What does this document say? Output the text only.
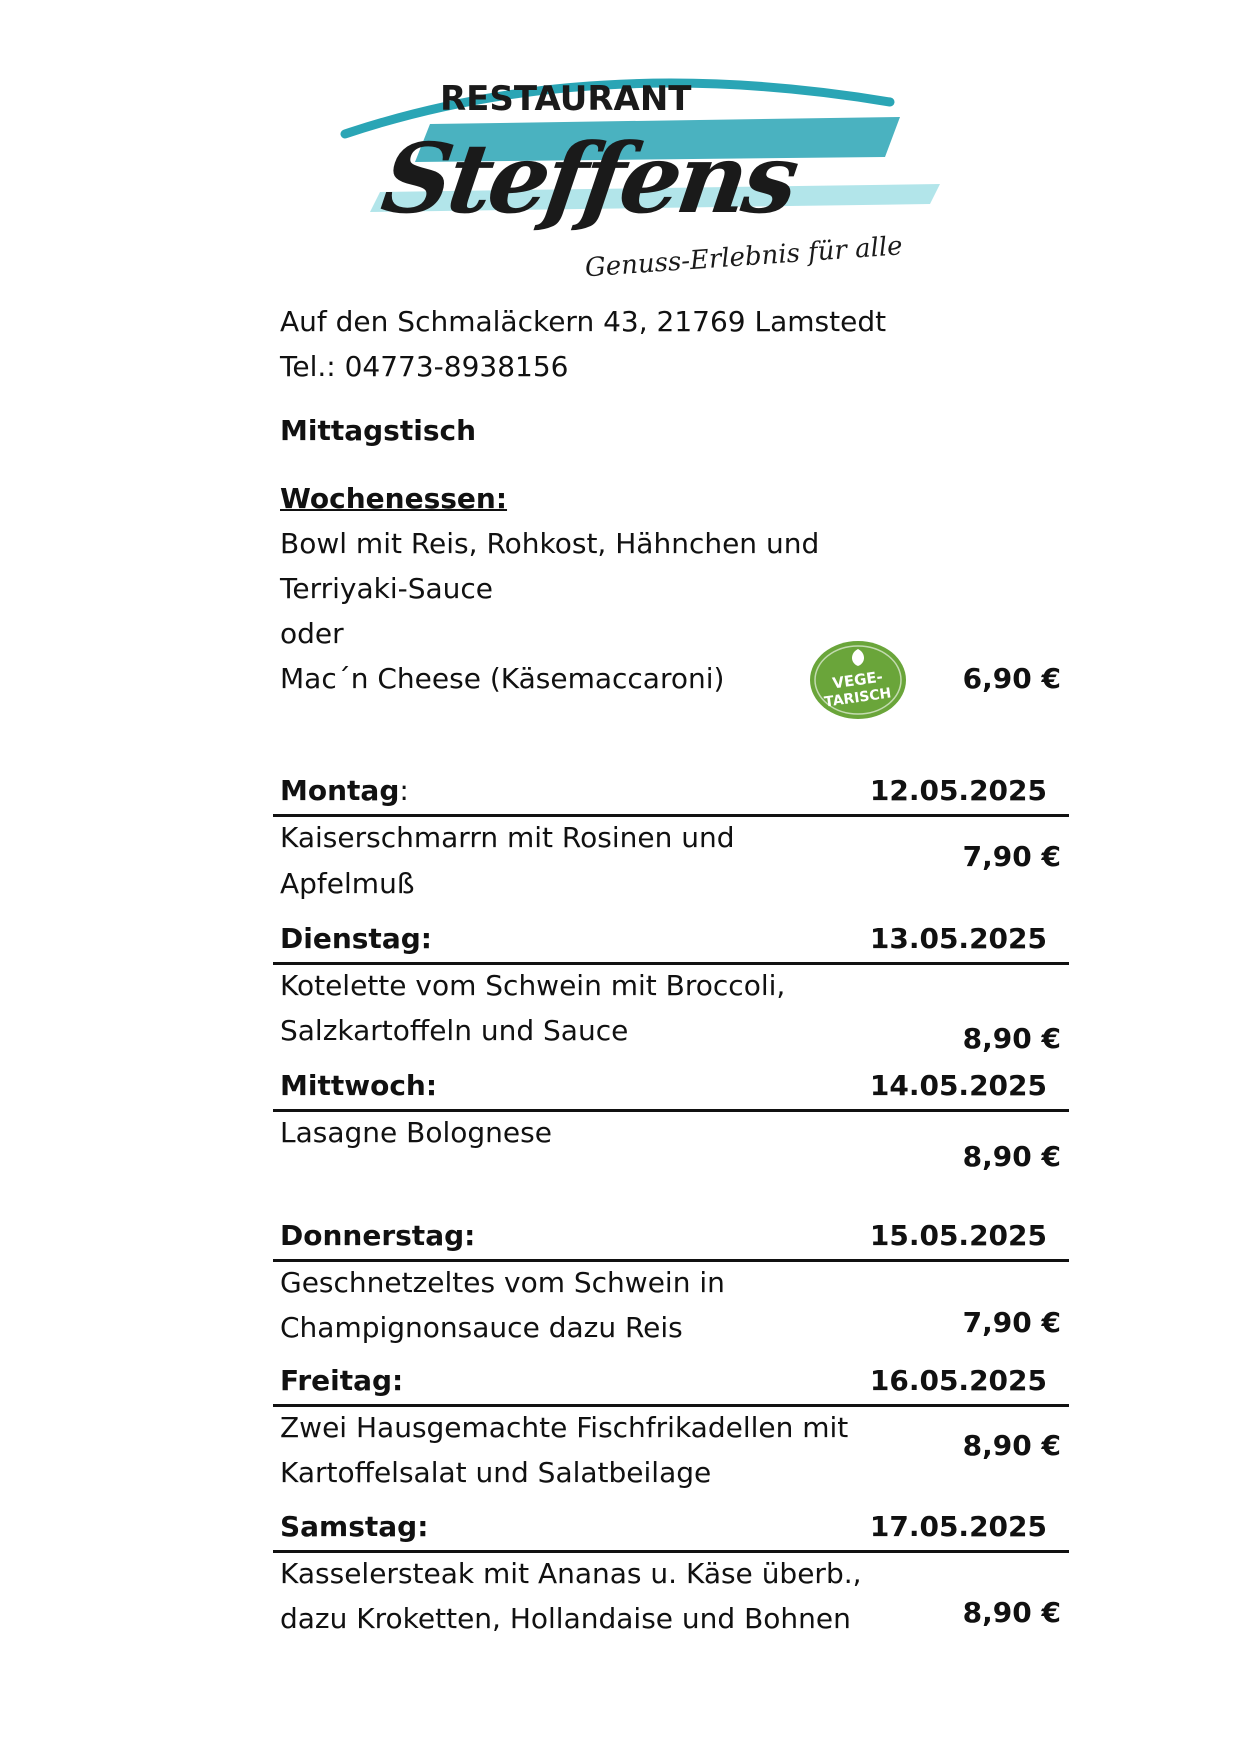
RESTAURANT
Steffens
Genuss-Erlebnis für alle
Auf den Schmaläckern 43, 21769 Lamstedt
Tel.: 04773-8938156
Mittagstisch
Wochenessen:
Bowl mit Reis, Rohkost, Hähnchen und
Terriyaki-Sauce
oder
Mac´n Cheese (Käsemaccaroni)	VEGE-
TARISCH
6,90 €
Montag:	12.05.2025
Kaiserschmarrn mit Rosinen und
Apfelmuß
7,90 €
Dienstag:	13.05.2025
Kotelette vom Schwein mit Broccoli,
Salzkartoffeln und Sauce	8,90 €
Mittwoch:	14.05.2025
Lasagne Bolognese
8,90 €
Donnerstag:	15.05.2025
Geschnetzeltes vom Schwein in
Champignonsauce dazu Reis	7,90 €
Freitag:	16.05.2025
Zwei Hausgemachte Fischfrikadellen mit
Kartoffelsalat und Salatbeilage
8,90 €
Samstag:	17.05.2025
Kasselersteak mit Ananas u. Käse überb.,
dazu Kroketten, Hollandaise und Bohnen	8,90 €
